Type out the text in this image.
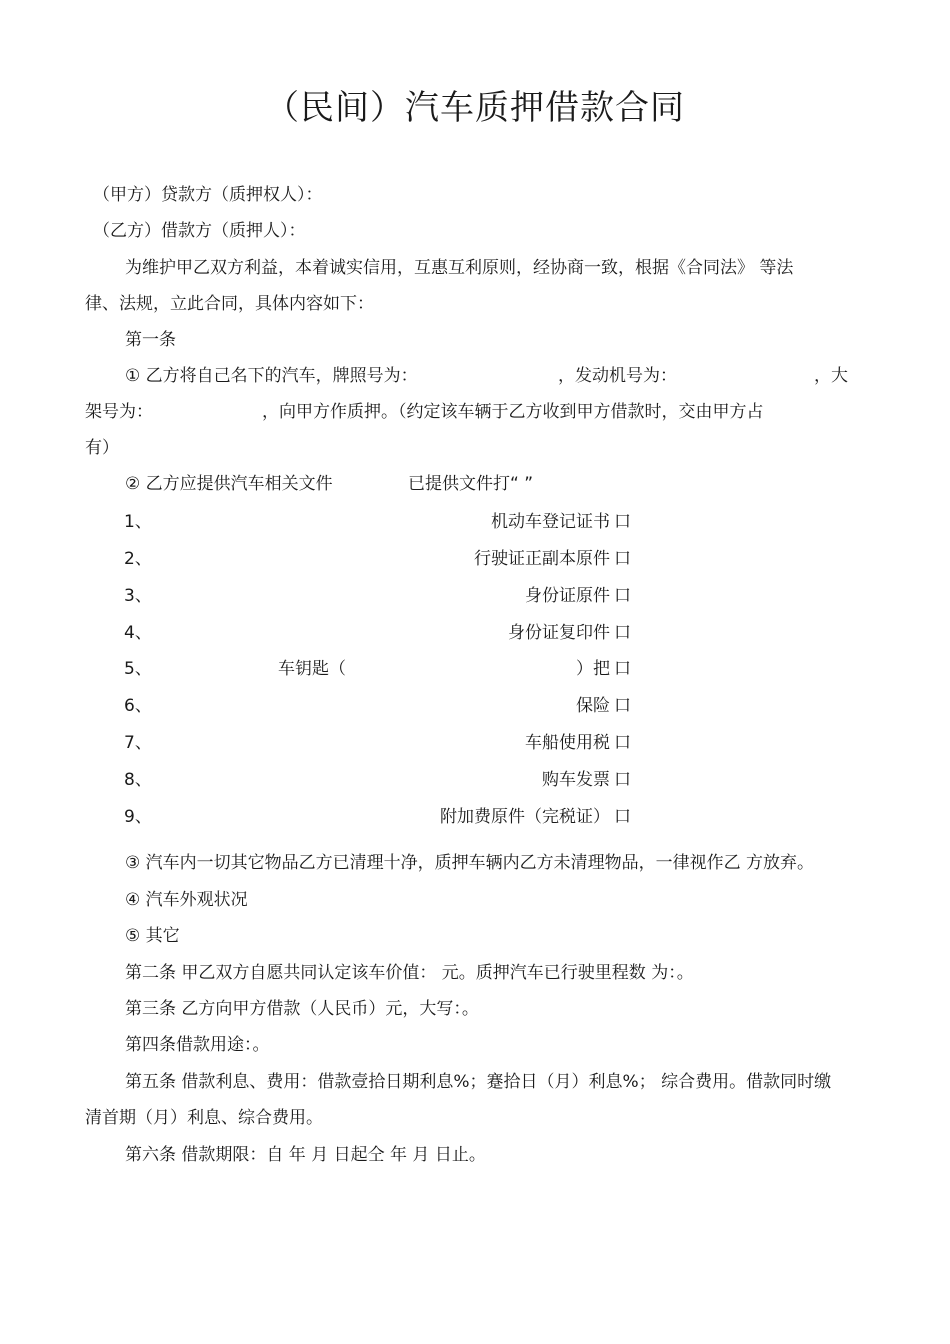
（民间）汽车质押借款合同
（甲方）贷款方（质押权人）：
（乙方）借款方（质押人）：
为维护甲乙双方利益，本着诚实信用，互惠互利原则，经协商一致，根据《合同法》 等法
律、法规，立此合同，具体内容如下：
第一条
① 乙方将自己名下的汽车，牌照号为：	，发动机号为：	，大
架号为：	，向甲方作质押。（约定该车辆于乙方收到甲方借款时，交由甲方占
有）
② 乙方应提供汽车相关文件	已提供文件打“ ”
1、	机动车登记证书 口
2、	行驶证正副本原件 口
3、	身份证原件 口
4、	身份证复印件 口
5、	车钥匙（	）把 口
6、	保险 口
7、	车船使用税 口
8、	购车发票 口
9、	附加费原件（完税证） 口
③ 汽车内一切其它物品乙方已清理十净，质押车辆内乙方未清理物品，一律视作乙 方放弃。
④ 汽车外观状况
⑤ 其它
第二条 甲乙双方自愿共同认定该车价值： 元。质押汽车已行驶里程数 为：。
第三条 乙方向甲方借款（人民币）元，大写：。
第四条借款用途：。
第五条 借款利息、费用：借款壹拾日期利息%；蹇拾日（月）利息%； 综合费用。借款同时缴
清首期（月）利息、综合费用。
第六条 借款期限：自 年 月 日起仝 年 月 日止。
